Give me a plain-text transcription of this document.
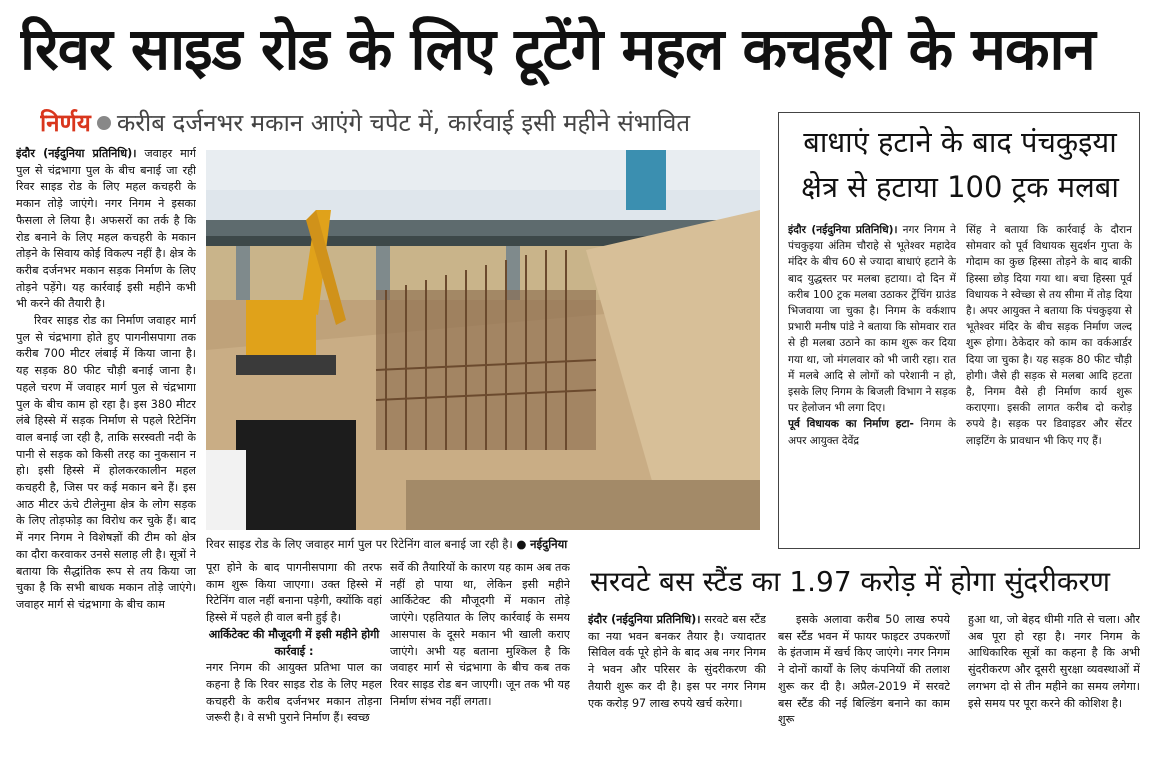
रिवर साइड रोड के लिए टूटेंगे महल कचहरी के मकान
निर्णय करीब दर्जनभर मकान आएंगे चपेट में, कार्रवाई इसी महीने संभावित

इंदौर (नईदुनिया प्रतिनिधि)। जवाहर मार्ग पुल से चंद्रभागा पुल के बीच बनाई जा रही रिवर साइड रोड के लिए महल कचहरी के मकान तोड़े जाएंगे। नगर निगम ने इसका फैसला ले लिया है। अफसरों का तर्क है कि रोड बनाने के लिए महल कचहरी के मकान तोड़ने के सिवाय कोई विकल्प नहीं है। क्षेत्र के करीब दर्जनभर मकान सड़क निर्माण के लिए तोड़ने पड़ेंगे। यह कार्रवाई इसी महीने कभी भी करने की तैयारी है।

रिवर साइड रोड का निर्माण जवाहर मार्ग पुल से चंद्रभागा होते हुए पागनीसपागा तक करीब 700 मीटर लंबाई में किया जाना है। यह सड़क 80 फीट चौड़ी बनाई जाना है। पहले चरण में जवाहर मार्ग पुल से चंद्रभागा पुल के बीच काम हो रहा है। इस 380 मीटर लंबे हिस्से में सड़क निर्माण से पहले रिटेनिंग वाल बनाई जा रही है, ताकि सरस्वती नदी के पानी से सड़क को किसी तरह का नुकसान न हो। इसी हिस्से में होलकरकालीन महल कचहरी है, जिस पर कई मकान बने हैं। इस आठ मीटर ऊंचे टीलेनुमा क्षेत्र के लोग सड़क के लिए तोड़फोड़ का विरोध कर चुके हैं। बाद में नगर निगम ने विशेषज्ञों की टीम को क्षेत्र का दौरा करवाकर उनसे सलाह ली है। सूत्रों ने बताया कि सैद्धांतिक रूप से तय किया जा चुका है कि सभी बाधक मकान तोड़े जाएंगे। जवाहर मार्ग से चंद्रभागा के बीच काम

रिवर साइड रोड के लिए जवाहर मार्ग पुल पर रिटेनिंग वाल बनाई जा रही है। ● नईदुनिया

पूरा होने के बाद पागनीसपागा की तरफ काम शुरू किया जाएगा। उक्त हिस्से में रिटेनिंग वाल नहीं बनाना पड़ेगी, क्योंकि वहां हिस्से में पहले ही वाल बनी हुई है।

आर्किटेक्ट की मौजूदगी में इसी महीने होगी कार्रवाई :

नगर निगम की आयुक्त प्रतिभा पाल का कहना है कि रिवर साइड रोड के लिए महल कचहरी के करीब दर्जनभर मकान तोड़ना जरूरी है। वे सभी पुराने निर्माण हैं। स्वच्छ

सर्वे की तैयारियों के कारण यह काम अब तक नहीं हो पाया था, लेकिन इसी महीने आर्किटेक्ट की मौजूदगी में मकान तोड़े जाएंगे। एहतियात के लिए कार्रवाई के समय आसपास के दूसरे मकान भी खाली कराए जाएंगे। अभी यह बताना मुश्किल है कि जवाहर मार्ग से चंद्रभागा के बीच कब तक रिवर साइड रोड बन जाएगी। जून तक भी यह निर्माण संभव नहीं लगता।

बाधाएं हटाने के बाद पंचकुइया क्षेत्र से हटाया 100 ट्रक मलबा

इंदौर (नईदुनिया प्रतिनिधि)। नगर निगम ने पंचकुइया अंतिम चौराहे से भूतेश्वर महादेव मंदिर के बीच 60 से ज्यादा बाधाएं हटाने के बाद युद्धस्तर पर मलबा हटाया। दो दिन में करीब 100 ट्रक मलबा उठाकर ट्रेंचिंग ग्राउंड भिजवाया जा चुका है। निगम के वर्कशाप प्रभारी मनीष पांडे ने बताया कि सोमवार रात से ही मलबा उठाने का काम शुरू कर दिया गया था, जो मंगलवार को भी जारी रहा। रात में मलबे आदि से लोगों को परेशानी न हो, इसके लिए निगम के बिजली विभाग ने सड़क पर हेलोजन भी लगा दिए।

पूर्व विधायक का निर्माण हटा- निगम के अपर आयुक्त देवेंद्र

सिंह ने बताया कि कार्रवाई के दौरान सोमवार को पूर्व विधायक सुदर्शन गुप्ता के गोदाम का कुछ हिस्सा तोड़ने के बाद बाकी हिस्सा छोड़ दिया गया था। बचा हिस्सा पूर्व विधायक ने स्वेच्छा से तय सीमा में तोड़ दिया है। अपर आयुक्त ने बताया कि पंचकुइया से भूतेश्वर मंदिर के बीच सड़क निर्माण जल्द शुरू होगा। ठेकेदार को काम का वर्कआर्डर दिया जा चुका है। यह सड़क 80 फीट चौड़ी होगी। जैसे ही सड़क से मलबा आदि हटता है, निगम वैसे ही निर्माण कार्य शुरू कराएगा। इसकी लागत करीब दो करोड़ रुपये है। सड़क पर डिवाइडर और सेंटर लाइटिंग के प्रावधान भी किए गए हैं।

सरवटे बस स्टैंड का 1.97 करोड़ में होगा सुंदरीकरण

इंदौर (नईदुनिया प्रतिनिधि)। सरवटे बस स्टैंड का नया भवन बनकर तैयार है। ज्यादातर सिविल वर्क पूरे होने के बाद अब नगर निगम ने भवन और परिसर के सुंदरीकरण की तैयारी शुरू कर दी है। इस पर नगर निगम एक करोड़ 97 लाख रुपये खर्च करेगा।

इसके अलावा करीब 50 लाख रुपये बस स्टैंड भवन में फायर फाइटर उपकरणों के इंतजाम में खर्च किए जाएंगे। नगर निगम ने दोनों कार्यों के लिए कंपनियों की तलाश शुरू कर दी है। अप्रैल-2019 में सरवटे बस स्टैंड की नई बिल्डिंग बनाने का काम शुरू

हुआ था, जो बेहद धीमी गति से चला। और अब पूरा हो रहा है। नगर निगम के आधिकारिक सूत्रों का कहना है कि अभी सुंदरीकरण और दूसरी सुरक्षा व्यवस्थाओं में लगभग दो से तीन महीने का समय लगेगा। इसे समय पर पूरा करने की कोशिश है।
